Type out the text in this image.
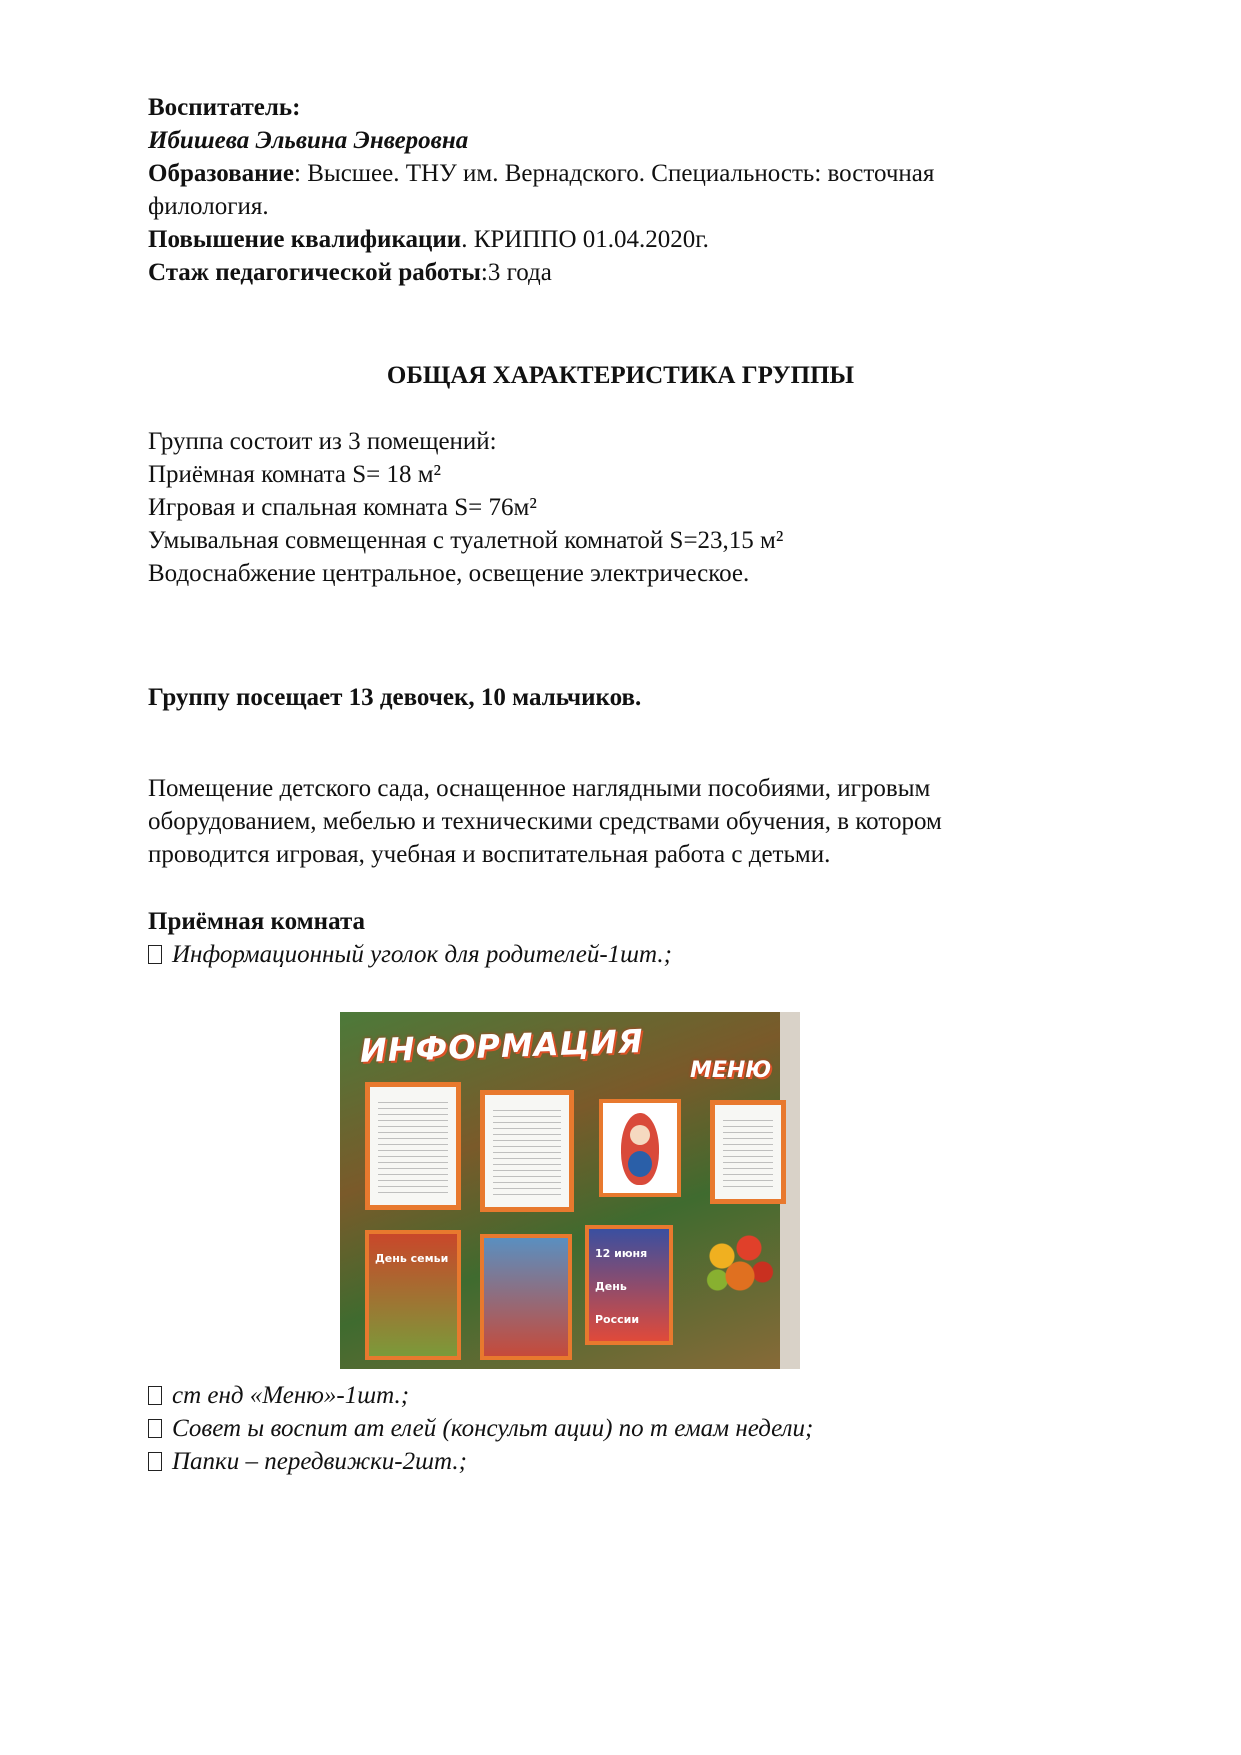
Воспитатель:
Ибишева Эльвина Энверовна
Образование: Высшее. ТНУ им. Вернадского. Специальность: восточная
филология.
Повышение квалификации. КРИППО 01.04.2020г.
Стаж педагогической работы:3 года
ОБЩАЯ ХАРАКТЕРИСТИКА ГРУППЫ
Группа состоит из 3 помещений:
Приёмная комната S= 18 м²
Игровая и спальная комната S= 76м²
Умывальная совмещенная с туалетной комнатой S=23,15 м²
Водоснабжение центральное, освещение электрическое.
Группу посещает 13 девочек, 10 мальчиков.
Помещение детского сада, оснащенное наглядными пособиями, игровым
оборудованием, мебелью и техническими средствами обучения, в котором
проводится игровая, учебная и воспитательная работа с детьми.
Приёмная комната
Информационный уголок для родителей-1шт.;
ИНФОРМАЦИЯ
МЕНЮ
День семьи	12 июня День России
ст енд «Меню»-1шт.;
Совет ы воспит ат елей (консульт ации) по т емам недели;
Папки – передвижки-2шт.;
